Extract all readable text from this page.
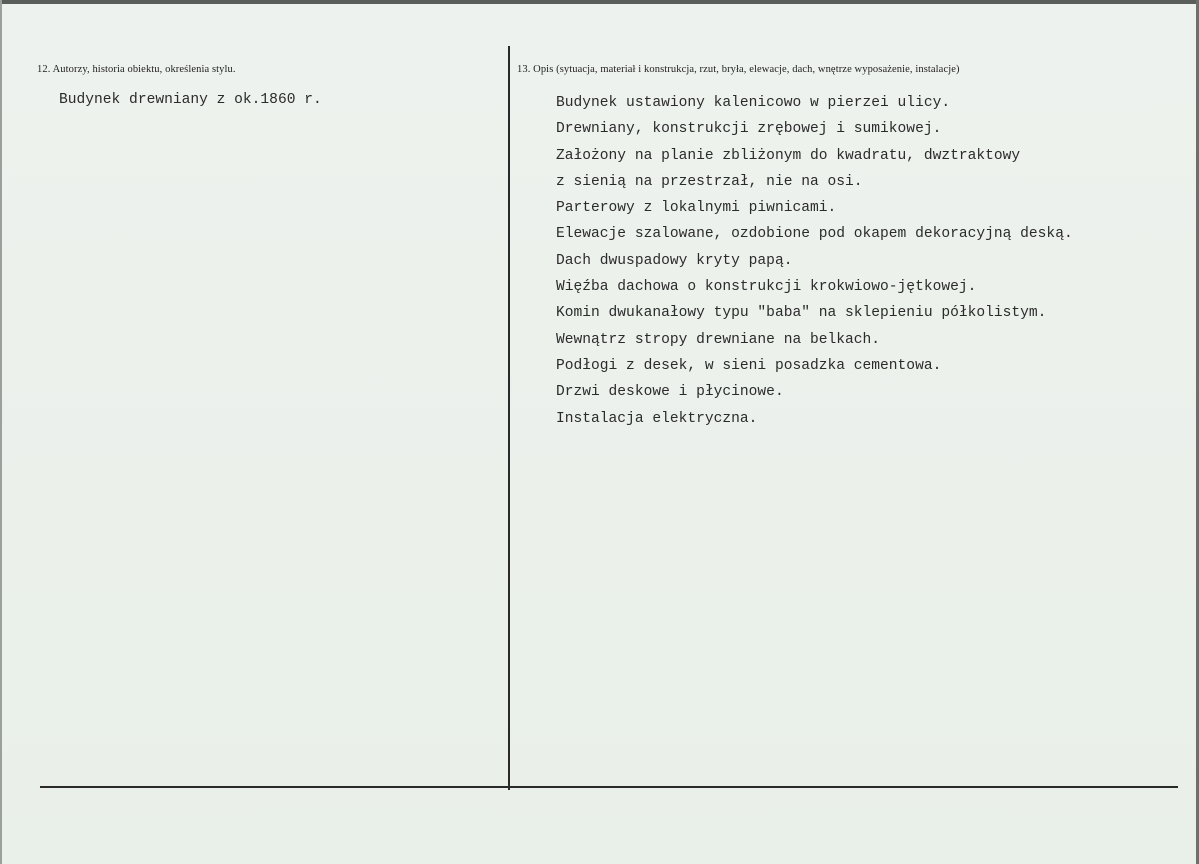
12. Autorzy, historia obiektu, określenia stylu.
Budynek drewniany z ok.1860 r.
13. Opis (sytuacja, materiał i konstrukcja, rzut, bryła, elewacje, dach, wnętrze wyposażenie, instalacje)
Budynek ustawiony kalenicowo w pierzei ulicy.
Drewniany, konstrukcji zrębowej i sumikowej.
Założony na planie zbliżonym do kwadratu, dwztraktowy
z sienią na przestrzał, nie na osi.
Parterowy z lokalnymi piwnicami.
Elewacje szalowane, ozdobione pod okapem dekoracyjną deską.
Dach dwuspadowy kryty papą.
Więźba dachowa o konstrukcji krokwiowo-jętkowej.
Komin dwukanałowy typu "baba" na sklepieniu półkolistym.
Wewnątrz stropy drewniane na belkach.
Podłogi z desek, w sieni posadzka cementowa.
Drzwi deskowe i płycinowe.
Instalacja elektryczna.
